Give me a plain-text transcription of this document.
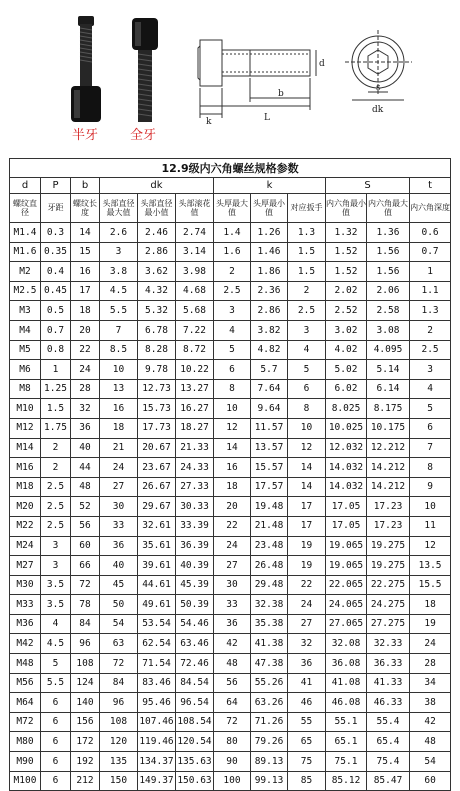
半牙 全牙
k	L
b
d
s
dk
12.9级内六角螺丝规格参数											
d	P	b	dk			k			S		t
螺纹直径	牙距	螺纹长度	头部直径最大值	头部直径最小值	头部滚花值	头厚最大值	头厚最小值	对应扳手	内六角最小值	内六角最大值	内六角深度
M1.4	0.3	14	2.6	2.46	2.74	1.4	1.26	1.3	1.32	1.36	0.6
M1.6	0.35	15	3	2.86	3.14	1.6	1.46	1.5	1.52	1.56	0.7
M2	0.4	16	3.8	3.62	3.98	2	1.86	1.5	1.52	1.56	1
M2.5	0.45	17	4.5	4.32	4.68	2.5	2.36	2	2.02	2.06	1.1
M3	0.5	18	5.5	5.32	5.68	3	2.86	2.5	2.52	2.58	1.3
M4	0.7	20	7	6.78	7.22	4	3.82	3	3.02	3.08	2
M5	0.8	22	8.5	8.28	8.72	5	4.82	4	4.02	4.095	2.5
M6	1	24	10	9.78	10.22	6	5.7	5	5.02	5.14	3
M8	1.25	28	13	12.73	13.27	8	7.64	6	6.02	6.14	4
M10	1.5	32	16	15.73	16.27	10	9.64	8	8.025	8.175	5
M12	1.75	36	18	17.73	18.27	12	11.57	10	10.025	10.175	6
M14	2	40	21	20.67	21.33	14	13.57	12	12.032	12.212	7
M16	2	44	24	23.67	24.33	16	15.57	14	14.032	14.212	8
M18	2.5	48	27	26.67	27.33	18	17.57	14	14.032	14.212	9
M20	2.5	52	30	29.67	30.33	20	19.48	17	17.05	17.23	10
M22	2.5	56	33	32.61	33.39	22	21.48	17	17.05	17.23	11
M24	3	60	36	35.61	36.39	24	23.48	19	19.065	19.275	12
M27	3	66	40	39.61	40.39	27	26.48	19	19.065	19.275	13.5
M30	3.5	72	45	44.61	45.39	30	29.48	22	22.065	22.275	15.5
M33	3.5	78	50	49.61	50.39	33	32.38	24	24.065	24.275	18
M36	4	84	54	53.54	54.46	36	35.38	27	27.065	27.275	19
M42	4.5	96	63	62.54	63.46	42	41.38	32	32.08	32.33	24
M48	5	108	72	71.54	72.46	48	47.38	36	36.08	36.33	28
M56	5.5	124	84	83.46	84.54	56	55.26	41	41.08	41.33	34
M64	6	140	96	95.46	96.54	64	63.26	46	46.08	46.33	38
M72	6	156	108	107.46	108.54	72	71.26	55	55.1	55.4	42
M80	6	172	120	119.46	120.54	80	79.26	65	65.1	65.4	48
M90	6	192	135	134.37	135.63	90	89.13	75	75.1	75.4	54
M100	6	212	150	149.37	150.63	100	99.13	85	85.12	85.47	60
